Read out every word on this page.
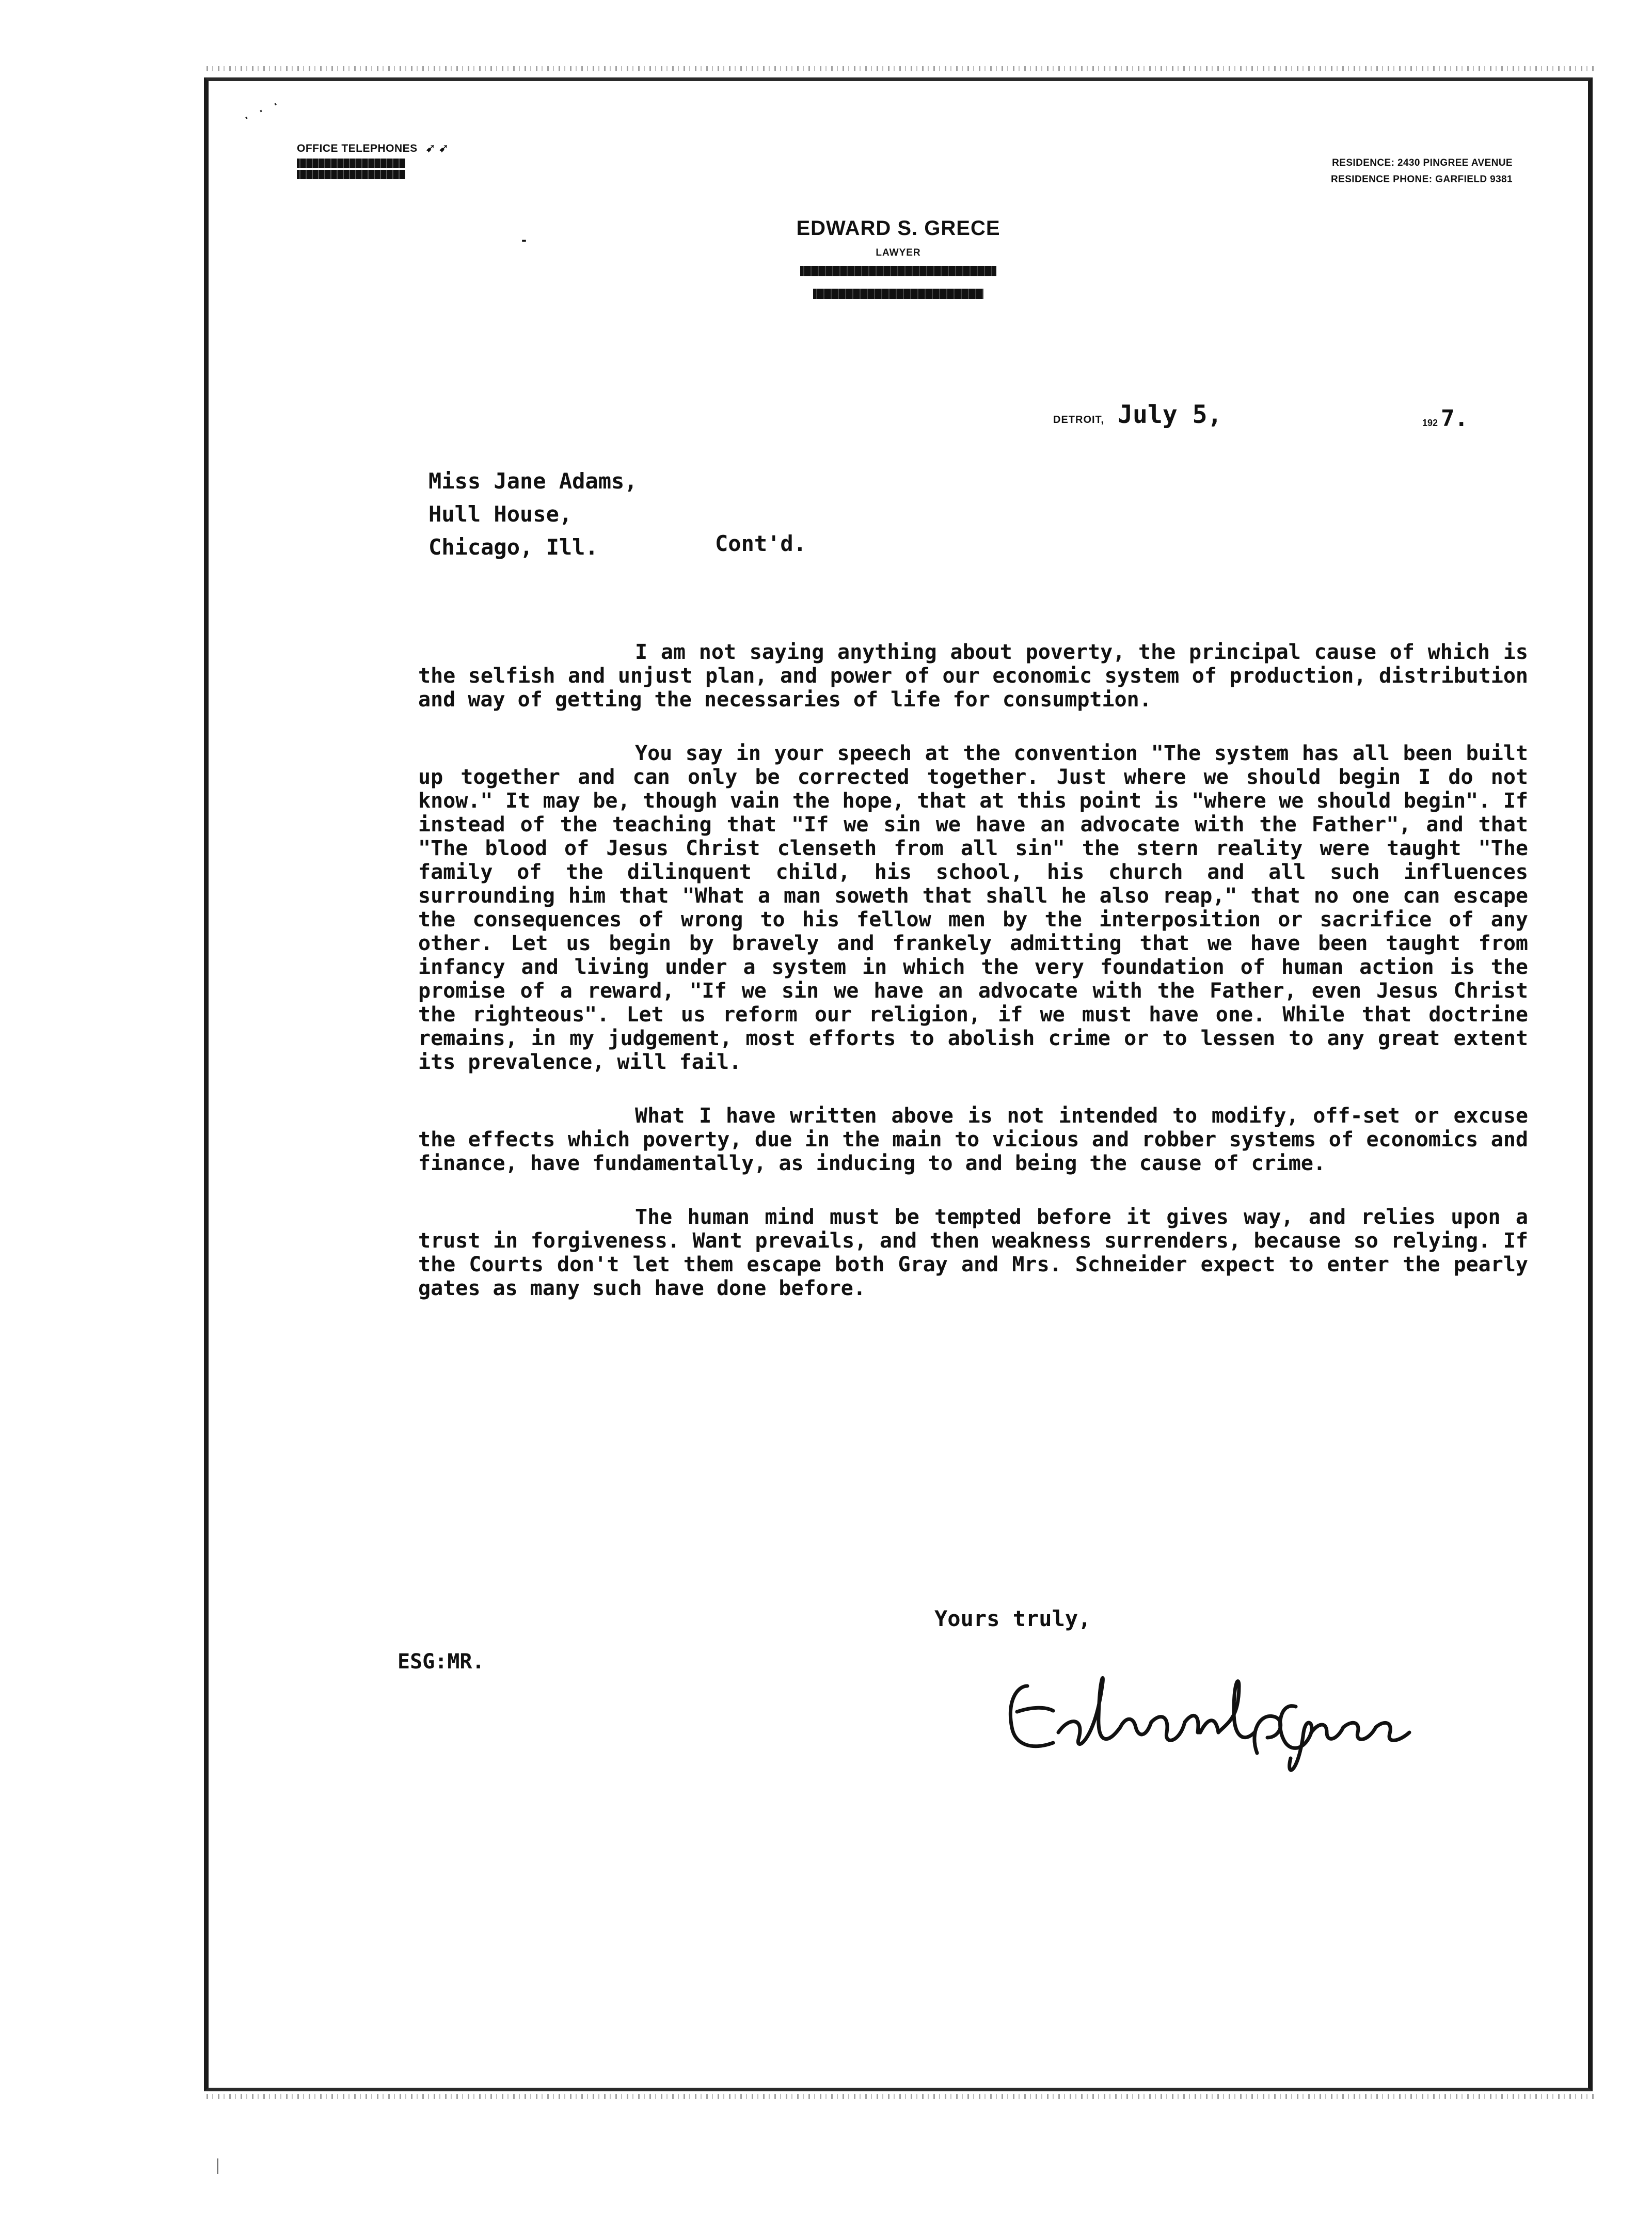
· · ·
OFFICE TELEPHONES ➹ ➹
RESIDENCE: 2430 PINGREE AVENUE
RESIDENCE PHONE: GARFIELD 9381
-
EDWARD S. GRECE
LAWYER
DETROIT, July 5,	192 7.
Miss Jane Adams,
Hull House,
Chicago, Ill.	Cont'd.

I am not saying anything about poverty, the principal cause of which is the selfish and unjust plan, and power of our economic system of production, distribution and way of getting the necessaries of life for consumption.

You say in your speech at the convention "The system has all been built up together and can only be corrected together. Just where we should begin I do not know." It may be, though vain the hope, that at this point is "where we should begin". If instead of the teaching that "If we sin we have an advocate with the Father", and that "The blood of Jesus Christ clenseth from all sin" the stern reality were taught "The family of the dilinquent child, his school, his church and all such influences surrounding him that "What a man soweth that shall he also reap," that no one can escape the consequences of wrong to his fellow men by the interposition or sacrifice of any other. Let us begin by bravely and frankely admitting that we have been taught from infancy and living under a system in which the very foundation of human action is the promise of a reward, "If we sin we have an advocate with the Father, even Jesus Christ the righteous". Let us reform our religion, if we must have one. While that doctrine remains, in my judgement, most efforts to abolish crime or to lessen to any great extent its prevalence, will fail.

What I have written above is not intended to modify, off-set or excuse the effects which poverty, due in the main to vicious and robber systems of economics and finance, have fundamentally, as inducing to and being the cause of crime.

The human mind must be tempted before it gives way, and relies upon a trust in forgiveness. Want prevails, and then weakness surrenders, because so relying. If the Courts don't let them escape both Gray and Mrs. Schneider expect to enter the pearly gates as many such have done before.

Yours truly,
ESG:MR.
